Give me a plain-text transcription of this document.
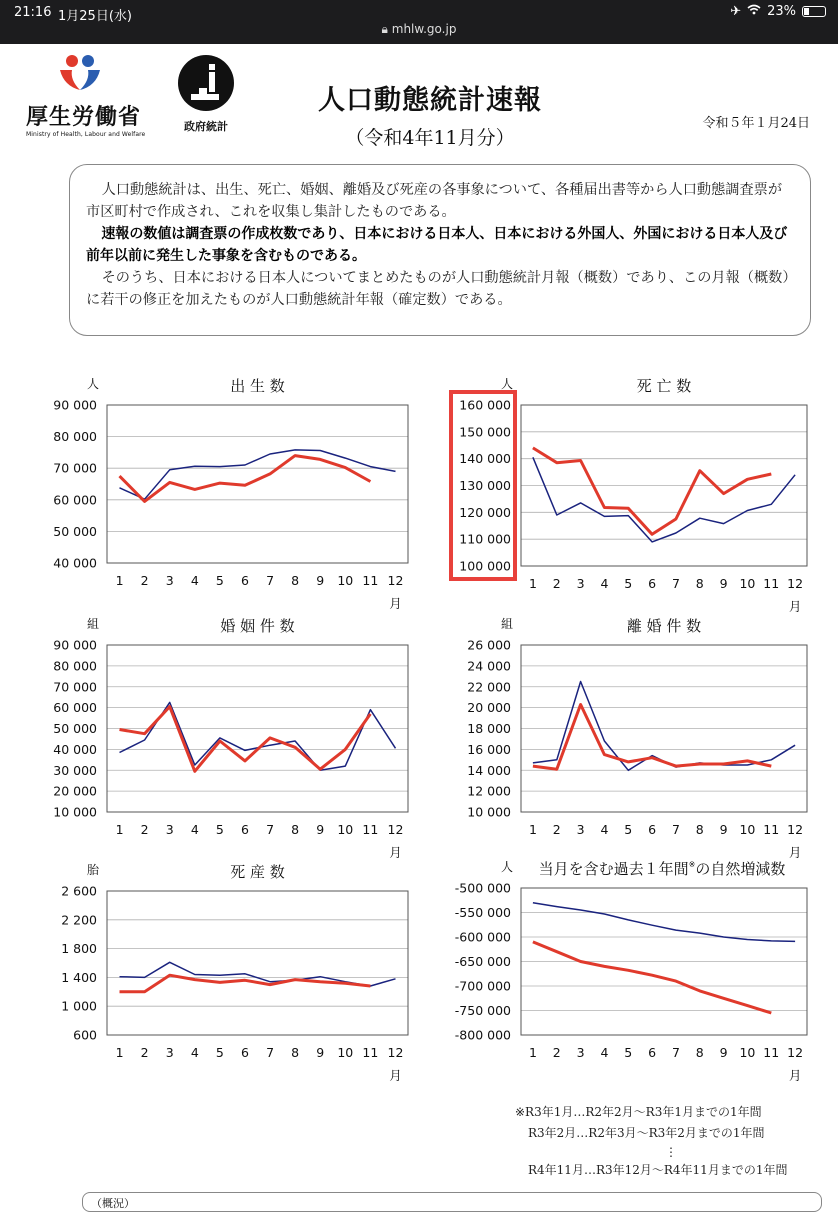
21:16 1月25日(水)
🔒︎ mhlw.go.jp
✈ 23%
厚生労働省
Ministry of Health, Labour and Welfare
政府統計
人口動態統計速報
（令和4年11月分）
令和５年１月24日

人口動態統計は、出生、死亡、婚姻、離婚及び死産の各事象について、各種届出書等から人口動態調査票が市区町村で作成され、これを収集し集計したものである。

速報の数値は調査票の作成枚数であり、日本における日本人、日本における外国人、外国における日本人及び前年以前に発生した事象を含むものである。

そのうち、日本における日本人についてまとめたものが人口動態統計月報（概数）であり、この月報（概数）に若干の修正を加えたものが人口動態統計年報（確定数）である。

40 000
50 000
60 000
70 000
80 000
90 000
1 2 3 4 5 6 7 8 9 10 11 12
月
人	出 生 数
100 000
110 000
120 000
130 000
140 000
150 000
160 000
1 2 3 4 5 6 7 8 9 10 11 12
月
人	死 亡 数
10 000
20 000
30 000
40 000
50 000
60 000
70 000
80 000
90 000
1 2 3 4 5 6 7 8 9 10 11 12
月
組	婚 姻 件 数
10 000
12 000
14 000
16 000
18 000
20 000
22 000
24 000
26 000
1 2 3 4 5 6 7 8 9 10 11 12
月
組	離 婚 件 数
600
1 000
1 400
1 800
2 200
2 600
1 2 3 4 5 6 7 8 9 10 11 12
月
胎	死 産 数
-800 000
-750 000
-700 000
-650 000
-600 000
-550 000
-500 000
1 2 3 4 5 6 7 8 9 10 11 12
月
人 当月を含む過去１年間※の自然増減数
※R3年1月…R2年2月～R3年1月までの1年間
R3年2月…R2年3月～R3年2月までの1年間
⋮
R4年11月…R3年12月～R4年11月までの1年間
（概況）
